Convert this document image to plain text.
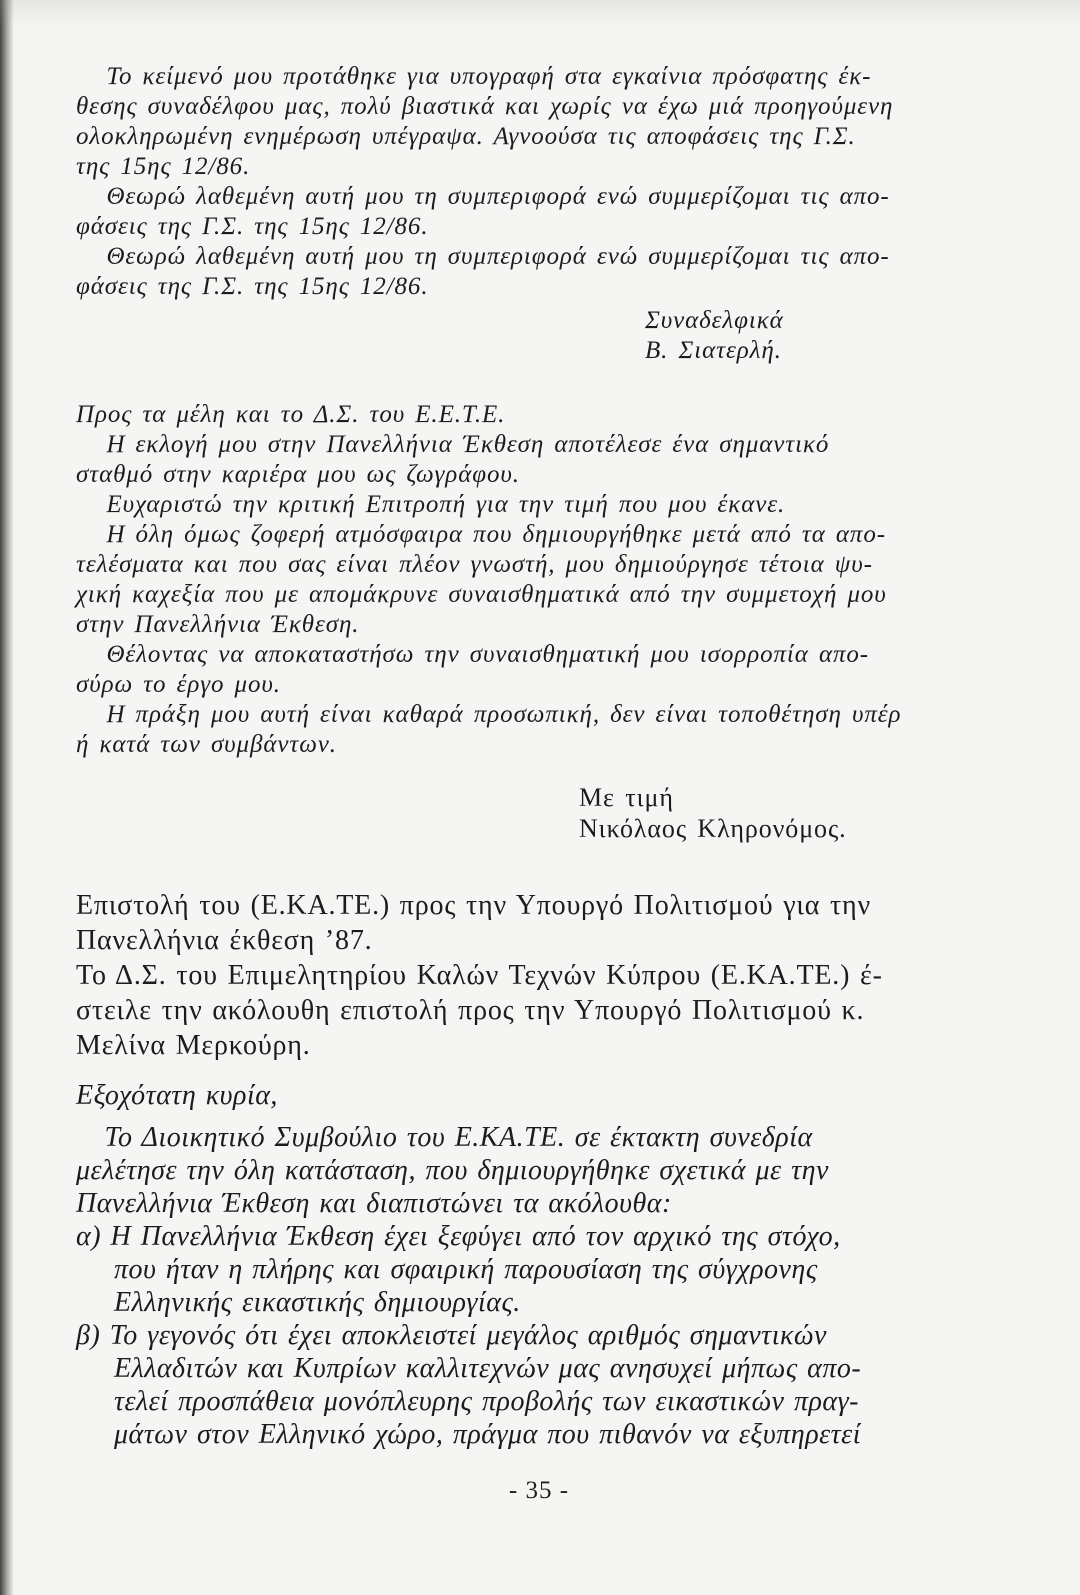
Το κείμενό μου προτάθηκε για υπογραφή στα εγκαίνια πρόσφατης έκ-
θεσης συναδέλφου μας, πολύ βιαστικά και χωρίς να έχω μιά προηγούμενη
ολοκληρωμένη ενημέρωση υπέγραψα. Αγνοούσα τις αποφάσεις της Γ.Σ.
της 15ης 12/86.
Θεωρώ λαθεμένη αυτή μου τη συμπεριφορά ενώ συμμερίζομαι τις απο-
φάσεις της Γ.Σ. της 15ης 12/86.
Θεωρώ λαθεμένη αυτή μου τη συμπεριφορά ενώ συμμερίζομαι τις απο-
φάσεις της Γ.Σ. της 15ης 12/86.
Συναδελφικά
Β. Σιατερλή.
Προς τα μέλη και το Δ.Σ. του Ε.Ε.Τ.Ε.
Η εκλογή μου στην Πανελλήνια Έκθεση αποτέλεσε ένα σημαντικό
σταθμό στην καριέρα μου ως ζωγράφου.
Ευχαριστώ την κριτική Επιτροπή για την τιμή που μου έκανε.
Η όλη όμως ζοφερή ατμόσφαιρα που δημιουργήθηκε μετά από τα απο-
τελέσματα και που σας είναι πλέον γνωστή, μου δημιούργησε τέτοια ψυ-
χική καχεξία που με απομάκρυνε συναισθηματικά από την συμμετοχή μου
στην Πανελλήνια Έκθεση.
Θέλοντας να αποκαταστήσω την συναισθηματική μου ισορροπία απο-
σύρω το έργο μου.
Η πράξη μου αυτή είναι καθαρά προσωπική, δεν είναι τοποθέτηση υπέρ
ή κατά των συμβάντων.
Με τιμή
Νικόλαος Κληρονόμος.
Επιστολή του (Ε.ΚΑ.ΤΕ.) προς την Υπουργό Πολιτισμού για την
Πανελλήνια έκθεση ’87.
Το Δ.Σ. του Επιμελητηρίου Καλών Τεχνών Κύπρου (Ε.ΚΑ.ΤΕ.) έ-
στειλε την ακόλουθη επιστολή προς την Υπουργό Πολιτισμού κ.
Μελίνα Μερκούρη.
Εξοχότατη κυρία,
Το Διοικητικό Συμβούλιο του Ε.ΚΑ.ΤΕ. σε έκτακτη συνεδρία
μελέτησε την όλη κατάσταση, που δημιουργήθηκε σχετικά με την
Πανελλήνια Έκθεση και διαπιστώνει τα ακόλουθα:
α) Η Πανελλήνια Έκθεση έχει ξεφύγει από τον αρχικό της στόχο,
που ήταν η πλήρης και σφαιρική παρουσίαση της σύγχρονης
Ελληνικής εικαστικής δημιουργίας.
β) Το γεγονός ότι έχει αποκλειστεί μεγάλος αριθμός σημαντικών
Ελλαδιτών και Κυπρίων καλλιτεχνών μας ανησυχεί μήπως απο-
τελεί προσπάθεια μονόπλευρης προβολής των εικαστικών πραγ-
μάτων στον Ελληνικό χώρο, πράγμα που πιθανόν να εξυπηρετεί
- 35 -
